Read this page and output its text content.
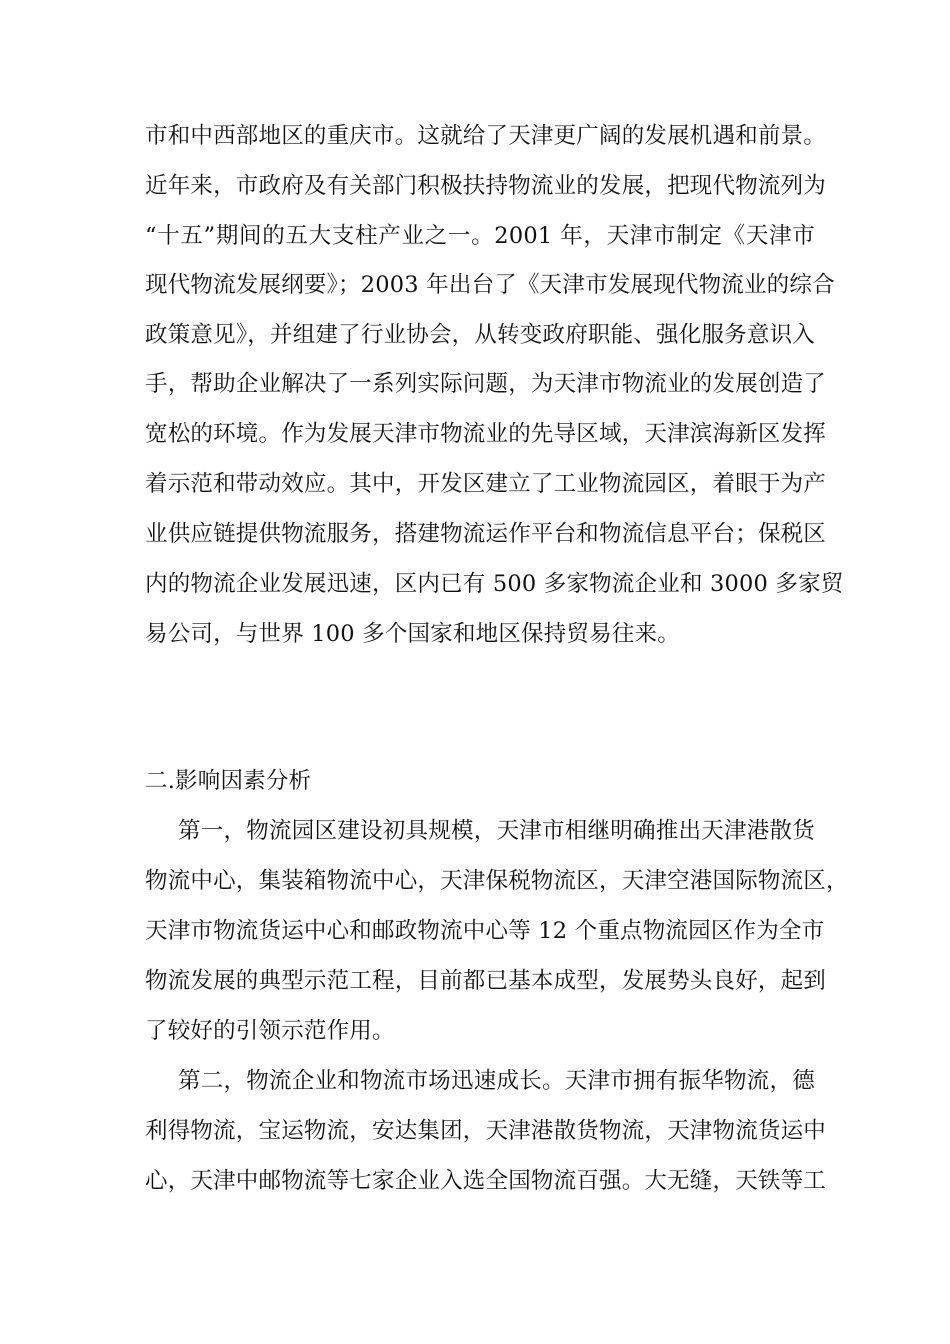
市和中西部地区的重庆市。这就给了天津更广阔的发展机遇和前景。
近年来，市政府及有关部门积极扶持物流业的发展，把现代物流列为
“十五”期间的五大支柱产业之一。2001 年，天津市制定《天津市
现代物流发展纲要》；2003 年出台了《天津市发展现代物流业的综合
政策意见》，并组建了行业协会，从转变政府职能、强化服务意识入
手，帮助企业解决了一系列实际问题，为天津市物流业的发展创造了
宽松的环境。作为发展天津市物流业的先导区域，天津滨海新区发挥
着示范和带动效应。其中，开发区建立了工业物流园区，着眼于为产
业供应链提供物流服务，搭建物流运作平台和物流信息平台；保税区
内的物流企业发展迅速，区内已有 500 多家物流企业和 3000 多家贸
易公司，与世界 100 多个国家和地区保持贸易往来。
二.影响因素分析
第一，物流园区建设初具规模，天津市相继明确推出天津港散货
物流中心，集装箱物流中心，天津保税物流区，天津空港国际物流区，
天津市物流货运中心和邮政物流中心等 12 个重点物流园区作为全市
物流发展的典型示范工程，目前都已基本成型，发展势头良好，起到
了较好的引领示范作用。
第二，物流企业和物流市场迅速成长。天津市拥有振华物流，德
利得物流，宝运物流，安达集团，天津港散货物流，天津物流货运中
心，天津中邮物流等七家企业入选全国物流百强。大无缝，天铁等工
